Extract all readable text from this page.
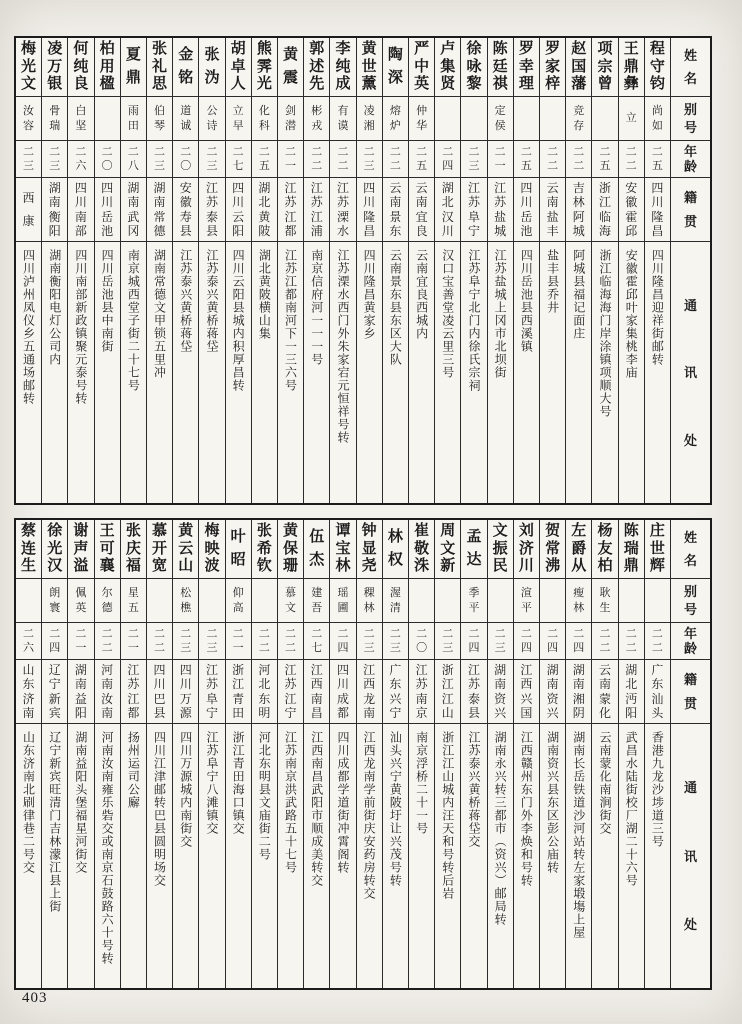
姓
名
别
号
年
龄
籍
贯
通
讯
处
程
守
钧
尚
如
二
五
四
川
隆
昌
四川隆昌迎祥街邮转
王
鼎
彝
立
二
二
安
徽
霍
邱
安徽霍邱叶家集桃李庙
项
宗
曾
二
五
浙
江
临
海
浙江临海海门岸涂镇项顺大号
赵
国
藩
竞
存
二
二
吉
林
阿
城
阿城县福记面庄
罗
家
梓
二
二
云
南
盐
丰
盐丰县乔井
罗
幸
理
二
五
四
川
岳
池
四川岳池县西溪镇
陈
廷
祺
定
侯
二
一
江
苏
盐
城
江苏盐城上冈市北坝街
徐
咏
黎
二
三
江
苏
阜
宁
江苏阜宁北门内徐氏宗祠
卢
集
贤
二
四
湖
北
汉
川
汉口宝善堂凌云里三号
严
中
英
仲
华
二
五
云
南
宜
良
云南宜良西城内
陶
深
熔
炉
二
二
云
南
景
东
云南景东县东区大队
黄
世
薰
凌
湘
二
三
四
川
隆
昌
四川隆昌黄家乡
李
纯
成
有
谟
二
二
江
苏
溧
水
江苏溧水西门外朱家宕元恒祥号转
郭
述
先
彬
戎
二
二
江
苏
江
浦
南京信府河一一一号
黄
震
剑
潜
二
一
江
苏
江
都
江苏江都南河下一三六号
熊
霁
光
化
科
二
五
湖
北
黄
陂
湖北黄陂横山集
胡
卓
人
立
早
二
七
四
川
云
阳
四川云阳县城内积厚昌转
张
沩
公
诗
二
三
江
苏
泰
县
江苏泰兴黄桥蒋垈
金
铭
道
诚
二
〇
安
徽
寿
县
江苏泰兴黄桥蒋垈
张
礼
思
伯
琴
二
三
湖
南
常
德
湖南常德文甲锁五里冲
夏
鼎
雨
田
二
八
湖
南
武
冈
南京城西堂子街二十七号
柏
用
楹
二
〇
四
川
岳
池
四川岳池县中南街
何
纯
良
白
坚
二
六
四
川
南
部
四川南部新政镇聚元泰号转
凌
万
银
骨
瑞
二
三
湖
南
衡
阳
湖南衡阳电灯公司内
梅
光
文
汝
容
二
三
西
康
四川泸州凤仪乡五通场邮转
姓
名
别
号
年
龄
籍
贯
通
讯
处
庄
世
辉
二
二
广
东
汕
头
香港九龙沙埗道三号
陈
瑞
鼎
二
二
湖
北
沔
阳
武昌水陆街校厂湖二十六号
杨
友
柏
耿
生
二
二
云
南
蒙
化
云南蒙化南涧街交
左
爵
从
瘦
林
二
四
湖
南
湘
阴
湖南长岳铁道沙河站转左家塅塲上屋
贺
常
沸
二
四
湖
南
资
兴
湖南资兴县东区彭公庙转
刘
济
川
渲
平
二
四
江
西
兴
国
江西赣州东门外李焕和号转
文
振
民
二
三
湖
南
资
兴
湖南永兴转三都市（资兴）邮局转
孟
达
季
平
二
四
江
苏
泰
县
江苏泰兴黄桥蒋垈交
周
文
新
二
三
浙
江
江
山
浙江江山城内汪天和号转后岩
崔
敬
洙
二
〇
江
苏
南
京
南京浮桥二十一号
林
权
渥
清
二
三
广
东
兴
宁
汕头兴宁黄陂圩让兴茂号转
钟
显
尧
稞
林
二
三
江
西
龙
南
江西龙南学前街庆安药房转交
谭
宝
林
瑶
圃
二
四
四
川
成
都
四川成都学道街冲霄阁转
伍
杰
建
吾
二
七
江
西
南
昌
江西南昌武阳市顺成美转交
黄
保
珊
慕
文
二
二
江
苏
江
宁
江苏南京洪武路五十七号
张
希
钦
二
二
河
北
东
明
河北东明县文庙街二号
叶
昭
仰
高
二
一
浙
江
青
田
浙江青田海口镇交
梅
映
波
二
三
江
苏
阜
宁
江苏阜宁八滩镇交
黄
云
山
松
樵
二
三
四
川
万
源
四川万源城内南街交
慕
开
宽
二
二
四
川
巴
县
四川江津邮转巴县圆明场交
张
庆
福
星
五
二
一
江
苏
江
都
扬州运司公廨
王
可
襄
尔
德
二
二
河
南
汝
南
河南汝南雍乐砦交或南京石鼓路六十号转
谢
声
溢
佩
英
二
一
湖
南
益
阳
湖南益阳头堡福星河街交
徐
光
汉
朗
寰
二
四
辽
宁
新
宾
辽宁新宾旺清门吉林濛江县上街
蔡
连
生
二
六
山
东
济
南
山东济南北刷律巷二号交
403
